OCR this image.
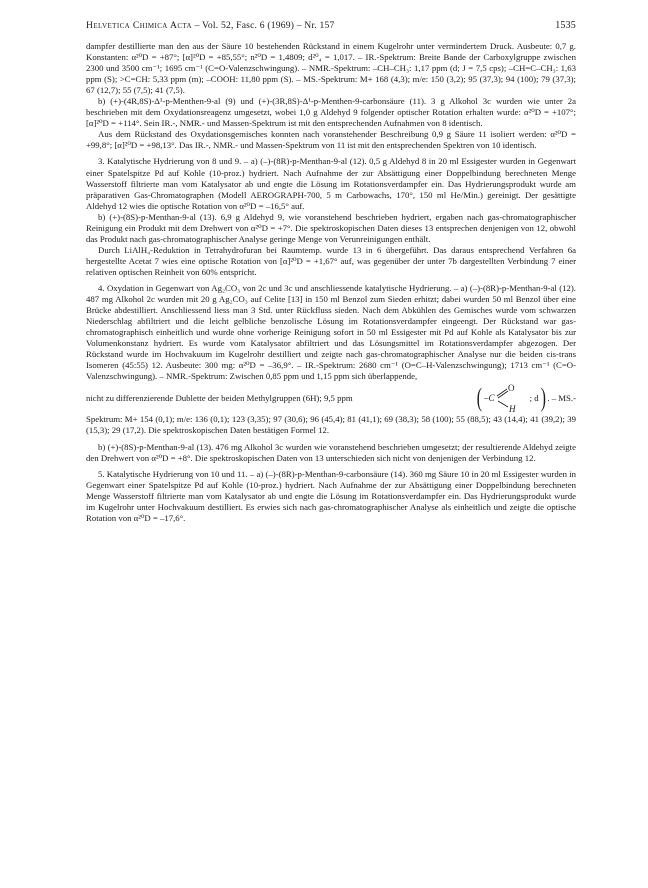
Helvetica Chimica Acta – Vol. 52, Fasc. 6 (1969) – Nr. 157	1535

dampfer destillierte man den aus der Säure 10 bestehenden Rückstand in einem Kugelrohr unter vermindertem Druck. Ausbeute: 0,7 g. Konstanten: α²⁰D = +87°; [α]²⁰D = +85,55°; n²⁰D = 1,4809; d²⁰₄ = 1,017. – IR.-Spektrum: Breite Bande der Carboxylgruppe zwischen 2300 und 3500 cm⁻¹; 1695 cm⁻¹ (C=O-Valenzschwingung). – NMR.-Spektrum: –CH–CH₃: 1,17 ppm (d; J = 7,5 cps); –CH=C–CH₃: 1,63 ppm (S); >C=CH: 5,33 ppm (m); –COOH: 11,80 ppm (S). – MS.-Spektrum: M+ 168 (4,3); m/e: 150 (3,2); 95 (37,3); 94 (100); 79 (37,3); 67 (12,7); 55 (7,5); 41 (7,5).

b) (+)-(4R,8S)-Δ¹-p-Menthen-9-al (9) und (+)-(3R,8S)-Δ¹-p-Menthen-9-carbonsäure (11). 3 g Alkohol 3c wurden wie unter 2a beschrieben mit dem Oxydationsreagenz umgesetzt, wobei 1,0 g Aldehyd 9 folgender optischer Rotation erhalten wurde: α²⁰D = +107°; [α]²⁰D = +114°. Sein IR.-, NMR.- und Massen-Spektrum ist mit den entsprechenden Aufnahmen von 8 identisch.

Aus dem Rückstand des Oxydationsgemisches konnten nach voranstehender Beschreibung 0,9 g Säure 11 isoliert werden: α²⁰D = +99,8°; [α]²⁰D = +98,13°. Das IR.-, NMR.- und Massen-Spektrum von 11 ist mit den entsprechenden Spektren von 10 identisch.

3. Katalytische Hydrierung von 8 und 9. – a) (–)-(8R)-p-Menthan-9-al (12). 0,5 g Aldehyd 8 in 20 ml Essigester wurden in Gegenwart einer Spatelspitze Pd auf Kohle (10-proz.) hydriert. Nach Aufnahme der zur Absättigung einer Doppelbindung berechneten Menge Wasserstoff filtrierte man vom Katalysator ab und engte die Lösung im Rotationsverdampfer ein. Das Hydrierungsprodukt wurde am präparativen Gas-Chromatographen (Modell AEROGRAPH-700, 5 m Carbowachs, 170°, 150 ml He/Min.) gereinigt. Der gesättigte Aldehyd 12 wies die optische Rotation von α²⁰D = –16,5° auf.

b) (+)-(8S)-p-Menthan-9-al (13). 6,9 g Aldehyd 9, wie voranstehend beschrieben hydriert, ergaben nach gas-chromatographischer Reinigung ein Produkt mit dem Drehwert von α²⁰D = +7°. Die spektroskopischen Daten dieses 13 entsprechen denjenigen von 12, obwohl das Produkt nach gas-chromatographischer Analyse geringe Menge von Verunreinigungen enthält.

Durch LiAlH₄-Reduktion in Tetrahydrofuran bei Raumtemp. wurde 13 in 6 übergeführt. Das daraus entsprechend Verfahren 6a hergestellte Acetat 7 wies eine optische Rotation von [α]²⁰D = +1,67° auf, was gegenüber der unter 7b dargestellten Verbindung 7 einer relativen optischen Reinheit von 60% entspricht.

4. Oxydation in Gegenwart von Ag₂CO₃ von 2c und 3c und anschliessende katalytische Hydrierung. – a) (–)-(8R)-p-Menthan-9-al (12). 487 mg Alkohol 2c wurden mit 20 g Ag₂CO₃ auf Celite [13] in 150 ml Benzol zum Sieden erhitzt; dabei wurden 50 ml Benzol über eine Brücke abdestilliert. Anschliessend liess man 3 Std. unter Rückfluss sieden. Nach dem Abkühlen des Gemisches wurde vom schwarzen Niederschlag abfiltriert und die leicht gelbliche benzolische Lösung im Rotationsverdampfer eingeengt. Der Rückstand war gas-chromatographisch einheitlich und wurde ohne vorherige Reinigung sofort in 50 ml Essigester mit Pd auf Kohle als Katalysator bis zur Volumenkonstanz hydriert. Es wurde vom Katalysator abfiltriert und das Lösungsmittel im Rotationsverdampfer abgezogen. Der Rückstand wurde im Hochvakuum im Kugelrohr destilliert und zeigte nach gas-chromatographischer Analyse nur die beiden cis-trans Isomeren (45:55) 12. Ausbeute: 300 mg: α²⁰D = –36,9°. – IR.-Spektrum: 2680 cm⁻¹ (O=C–H-Valenzschwingung); 1713 cm⁻¹ (C=O-Valenzschwingung). – NMR.-Spektrum: Zwischen 0,85 ppm und 1,15 ppm sich überlappende,

nicht zu differenzierende Dublette der beiden Methylgruppen (6H); 9,5 ppm	( –C
O
H
; d ) . – MS.-

Spektrum: M+ 154 (0,1); m/e: 136 (0,1); 123 (3,35); 97 (30,6); 96 (45,4); 81 (41,1); 69 (38,3); 58 (100); 55 (88,5); 43 (14,4); 41 (39,2); 39 (15,3); 29 (17,2). Die spektroskopischen Daten bestätigen Formel 12.

b) (+)-(8S)-p-Menthan-9-al (13). 476 mg Alkohol 3c wurden wie voranstehend beschrieben umgesetzt; der resultierende Aldehyd zeigte den Drehwert von α²⁰D = +8°. Die spektroskopischen Daten von 13 unterschieden sich nicht von denjenigen der Verbindung 12.

5. Katalytische Hydrierung von 10 und 11. – a) (–)-(8R)-p-Menthan-9-carbonsäure (14). 360 mg Säure 10 in 20 ml Essigester wurden in Gegenwart einer Spatelspitze Pd auf Kohle (10-proz.) hydriert. Nach Aufnahme der zur Absättigung einer Doppelbindung berechneten Menge Wasserstoff filtrierte man vom Katalysator ab und engte die Lösung im Rotationsverdampfer ein. Das Hydrierungsprodukt wurde im Kugelrohr unter Hochvakuum destilliert. Es erwies sich nach gas-chromatographischer Analyse als einheitlich und zeigte die optische Rotation von α²⁰D = –17,6°.
